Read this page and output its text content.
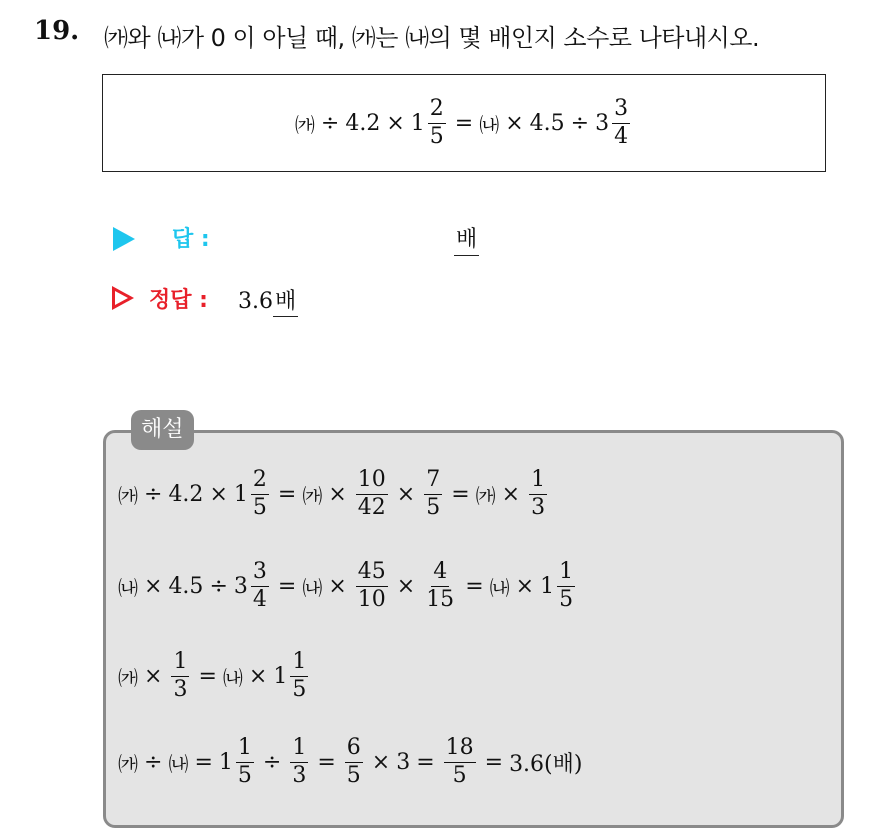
19. ㈎와 ㈏가 0 이 아닐 때, ㈎는 ㈏의 몇 배인지 소수로 나타내시오.
㈎ ÷ $4.2 \times 1 \frac{2}{5}$ = ㈏ × $4.5 \div 3 \frac{3}{4}$
답 :	배
정답 : 3.6배
해설
㈎ ÷ $4.2 \times 1 \frac{2}{5}$ = ㈎ × $\frac{10}{42} \times \frac{7}{5}$ = ㈎ × $\frac{1}{3}$
㈏ × $4.5 \div 3 \frac{3}{4}$ = ㈏ × $\frac{45}{10} \times \frac{4}{15}$ = ㈏ × $1 \frac{1}{5}$
㈎ × $\frac{1}{3}$ = ㈏ × $1 \frac{1}{5}$
㈎ ÷ ㈏ = $1 \frac{1}{5} \div \frac{1}{3} = \frac{6}{5} \times 3 = \frac{18}{5} = 3.6$(배)
